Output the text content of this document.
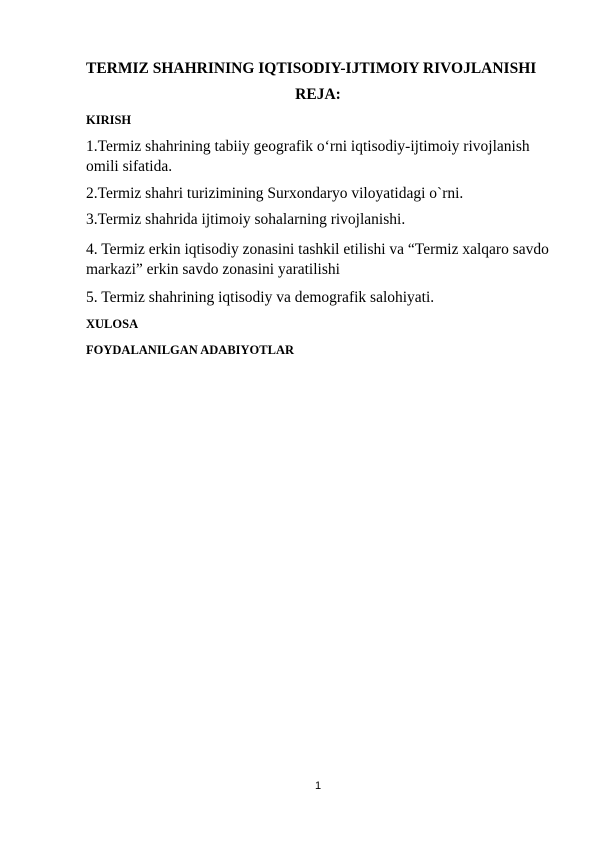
TERMIZ SHAHRINING IQTISODIY-IJTIMOIY RIVOJLANISHI
REJA:
KIRISH
1.Termiz shahrining tabiiy geografik o‘rni iqtisodiy-ijtimoiy rivojlanish omili sifatida.
2.Termiz shahri turizimining Surxondaryo viloyatidagi o`rni.
3.Termiz shahrida ijtimoiy sohalarning rivojlanishi.
4. Termiz erkin iqtisodiy zonasini tashkil etilishi va “Termiz xalqaro savdo markazi” erkin savdo zonasini yaratilishi
5. Termiz shahrining iqtisodiy va demografik salohiyati.
XULOSA
FOYDALANILGAN ADABIYOTLAR
1
